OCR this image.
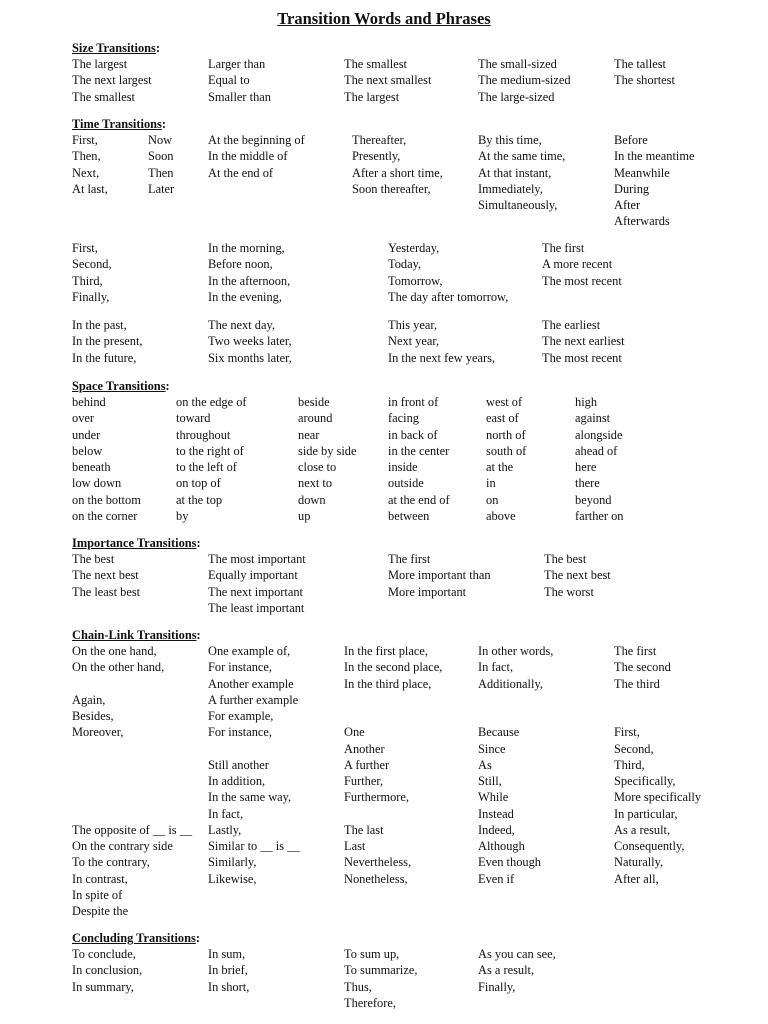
Transition Words and Phrases
Size Transitions:
The largest
The next largest
The smallest
Larger than
Equal to
Smaller than
The smallest
The next smallest
The largest
The small-sized
The medium-sized
The large-sized
The tallest
The shortest
Time Transitions:
First,
Then,
Next,
At last,
Now
Soon
Then
Later
At the beginning of
In the middle of
At the end of
Thereafter,
Presently,
After a short time,
Soon thereafter,
By this time,
At the same time,
At that instant,
Immediately,
Simultaneously,
Before
In the meantime
Meanwhile
During
After
Afterwards
First,
Second,
Third,
Finally,
In the morning,
Before noon,
In the afternoon,
In the evening,
Yesterday,
Today,
Tomorrow,
The day after tomorrow,
The first
A more recent
The most recent
In the past,
In the present,
In the future,
The next day,
Two weeks later,
Six months later,
This year,
Next year,
In the next few years,
The earliest
The next earliest
The most recent
Space Transitions:
behind
over
under
below
beneath
low down
on the bottom
on the corner
on the edge of
toward
throughout
to the right of
to the left of
on top of
at the top
by
beside
around
near
side by side
close to
next to
down
up
in front of
facing
in back of
in the center
inside
outside
at the end of
between
west of
east of
north of
south of
at the
in
on
above
high
against
alongside
ahead of
here
there
beyond
farther on
Importance Transitions:
The best
The next best
The least best
The most important
Equally important
The next important
The least important
The first
More important than
More important
The best
The next best
The worst
Chain-Link Transitions:
On the one hand,
On the other hand,

Again,
Besides,
Moreover,

The opposite of __ is __
On the contrary side
To the contrary,
In contrast,
In spite of
Despite the
One example of,
For instance,
Another example
A further example
For example,
For instance,

Still another
In addition,
In the same way,
In fact,
Lastly,
Similar to __ is __
Similarly,
Likewise,
In the first place,
In the second place,
In the third place,

One
Another
A further
Further,
Furthermore,

The last
Last
Nevertheless,
Nonetheless,
In other words,
In fact,
Additionally,

Because
Since
As
Still,
While
Instead
Indeed,
Although
Even though
Even if
The first
The second
The third

First,
Second,
Third,
Specifically,
More specifically
In particular,
As a result,
Consequently,
Naturally,
After all,
Concluding Transitions:
To conclude,
In conclusion,
In summary,
In sum,
In brief,
In short,
To sum up,
To summarize,
Thus,
Therefore,
As you can see,
As a result,
Finally,
